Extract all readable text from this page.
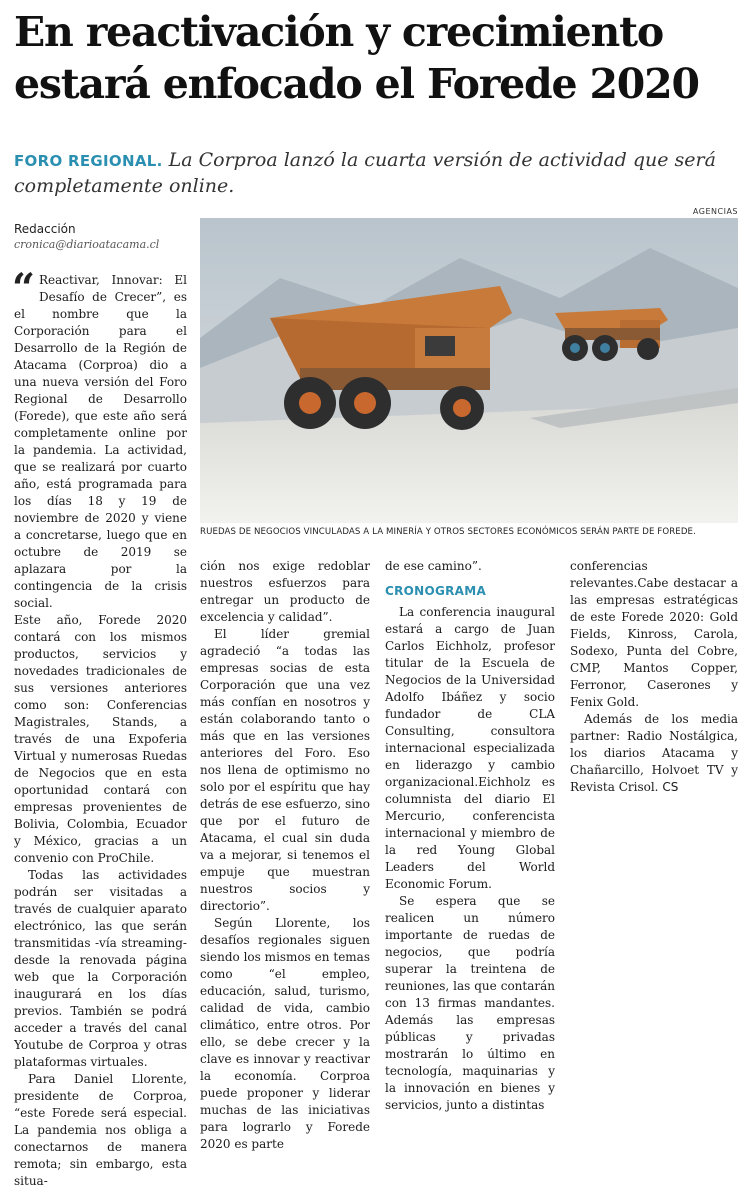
En reactivación y crecimiento estará enfocado el Forede 2020

FORO REGIONAL. La Corproa lanzó la cuarta versión de actividad que será completamente online.

Redacción
cronica@diarioatacama.cl
AGENCIAS
RUEDAS DE NEGOCIOS VINCULADAS A LA MINERÍA Y OTROS SECTORES ECONÓMICOS SERÁN PARTE DE FOREDE.

“ Reactivar, Innovar: El Desafío de Crecer”, es el nombre que la Corporación para el Desarrollo de la Región de Atacama (Corproa) dio a una nueva versión del Foro Regional de Desarrollo (Forede), que este año será completamente online por la pandemia. La actividad, que se realizará por cuarto año, está programada para los días 18 y 19 de noviembre de 2020 y viene a concretarse, luego que en octubre de 2019 se aplazara por la contingencia de la crisis social.

Este año, Forede 2020 contará con los mismos productos, servicios y novedades tradicionales de sus versiones anteriores como son: Conferencias Magistrales, Stands, a través de una Expoferia Virtual y numerosas Ruedas de Negocios que en esta oportunidad contará con empresas provenientes de Bolivia, Colombia, Ecuador y México, gracias a un convenio con ProChile.

Todas las actividades podrán ser visitadas a través de cualquier aparato electrónico, las que serán transmitidas -vía streaming- desde la renovada página web que la Corporación inaugurará en los días previos. También se podrá acceder a través del canal Youtube de Corproa y otras plataformas virtuales.

Para Daniel Llorente, presidente de Corproa, “este Forede será especial. La pandemia nos obliga a conectarnos de manera remota; sin embargo, esta situa-

ción nos exige redoblar nuestros esfuerzos para entregar un producto de excelencia y calidad”.

El líder gremial agradeció “a todas las empresas socias de esta Corporación que una vez más confían en nosotros y están colaborando tanto o más que en las versiones anteriores del Foro. Eso nos llena de optimismo no solo por el espíritu que hay detrás de ese esfuerzo, sino que por el futuro de Atacama, el cual sin duda va a mejorar, si tenemos el empuje que muestran nuestros socios y directorio”.

Según Llorente, los desafíos regionales siguen siendo los mismos en temas como “el empleo, educación, salud, turismo, calidad de vida, cambio climático, entre otros. Por ello, se debe crecer y la clave es innovar y reactivar la economía. Corproa puede proponer y liderar muchas de las iniciativas para lograrlo y Forede 2020 es parte

de ese camino”.

CRONOGRAMA

La conferencia inaugural estará a cargo de Juan Carlos Eichholz, profesor titular de la Escuela de Negocios de la Universidad Adolfo Ibáñez y socio fundador de CLA Consulting, consultora internacional especializada en liderazgo y cambio organizacional.Eichholz es columnista del diario El Mercurio, conferencista internacional y miembro de la red Young Global Leaders del World Economic Forum.

Se espera que se realicen un número importante de ruedas de negocios, que podría superar la treintena de reuniones, las que contarán con 13 firmas mandantes. Además las empresas públicas y privadas mostrarán lo último en tecnología, maquinarias y la innovación en bienes y servicios, junto a distintas

conferencias relevantes.Cabe destacar a las empresas estratégicas de este Forede 2020: Gold Fields, Kinross, Carola, Sodexo, Punta del Cobre, CMP, Mantos Copper, Ferronor, Caserones y Fenix Gold.

Además de los media partner: Radio Nostálgica, los diarios Atacama y Chañarcillo, Holvoet TV y Revista Crisol. CS
